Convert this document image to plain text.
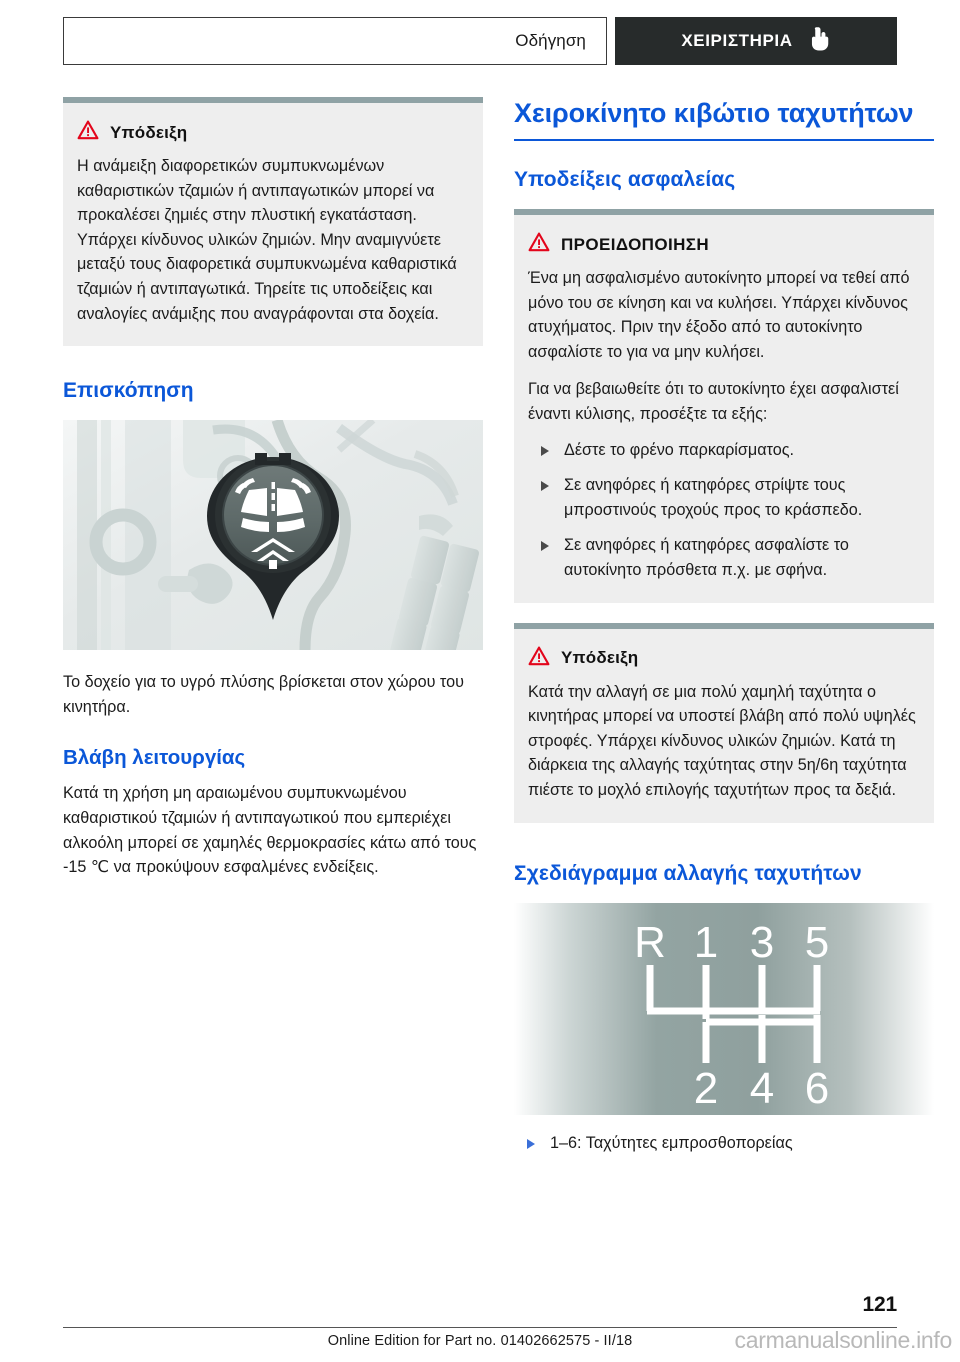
Οδήγηση	ΧΕΙΡΙΣΤΗΡΙΑ
Υπόδειξη

Η ανάμειξη διαφορετικών συμπυκνωμένων καθαριστικών τζαμιών ή αντιπαγωτικών μπορεί να προκαλέσει ζημιές στην πλυστική εγκατάσταση. Υπάρχει κίνδυνος υλικών ζημιών. Μην αναμιγνύετε μεταξύ τους διαφορετικά συμπυκνωμένα καθαριστικά τζαμιών ή αντιπαγωτικά. Τηρείτε τις υποδείξεις και αναλογίες ανάμιξης που αναγράφονται στα δοχεία.

Επισκόπηση

Το δοχείο για το υγρό πλύσης βρίσκεται στον χώρου του κινητήρα.

Βλάβη λειτουργίας

Κατά τη χρήση μη αραιωμένου συμπυκνωμένου καθαριστικού τζαμιών ή αντιπαγωτικού που εμπεριέχει αλκοόλη μπορεί σε χαμηλές θερμοκρασίες κάτω από τους -15 ℃ να προκύψουν εσφαλμένες ενδείξεις.

Χειροκίνητο κιβώτιο ταχυτήτων
Υποδείξεις ασφαλείας
ΠΡΟΕΙΔΟΠΟΙΗΣΗ

Ένα μη ασφαλισμένο αυτοκίνητο μπορεί να τεθεί από μόνο του σε κίνηση και να κυλήσει. Υπάρχει κίνδυνος ατυχήματος. Πριν την έξοδο από το αυτοκίνητο ασφαλίστε το για να μην κυλήσει.

Για να βεβαιωθείτε ότι το αυτοκίνητο έχει ασφαλιστεί έναντι κύλισης, προσέξτε τα εξής:

Δέστε το φρένο παρκαρίσματος.
Σε ανηφόρες ή κατηφόρες στρίψτε τους μπροστινούς τροχούς προς το κράσπεδο.
Σε ανηφόρες ή κατηφόρες ασφαλίστε το αυτοκίνητο πρόσθετα π.χ. με σφήνα.
Υπόδειξη

Κατά την αλλαγή σε μια πολύ χαμηλή ταχύτητα ο κινητήρας μπορεί να υποστεί βλάβη από πολύ υψηλές στροφές. Υπάρχει κίνδυνος υλικών ζημιών. Κατά τη διάρκεια της αλλαγής ταχύτητας στην 5η/6η ταχύτητα πιέστε το μοχλό επιλογής ταχυτήτων προς τα δεξιά.

Σχεδιάγραμμα αλλαγής ταχυτήτων
R 1 3 5
2 4 6
1–6: Ταχύτητες εμπροσθοπορείας
121
Online Edition for Part no. 01402662575 - II/18	carmanualsonline.info
